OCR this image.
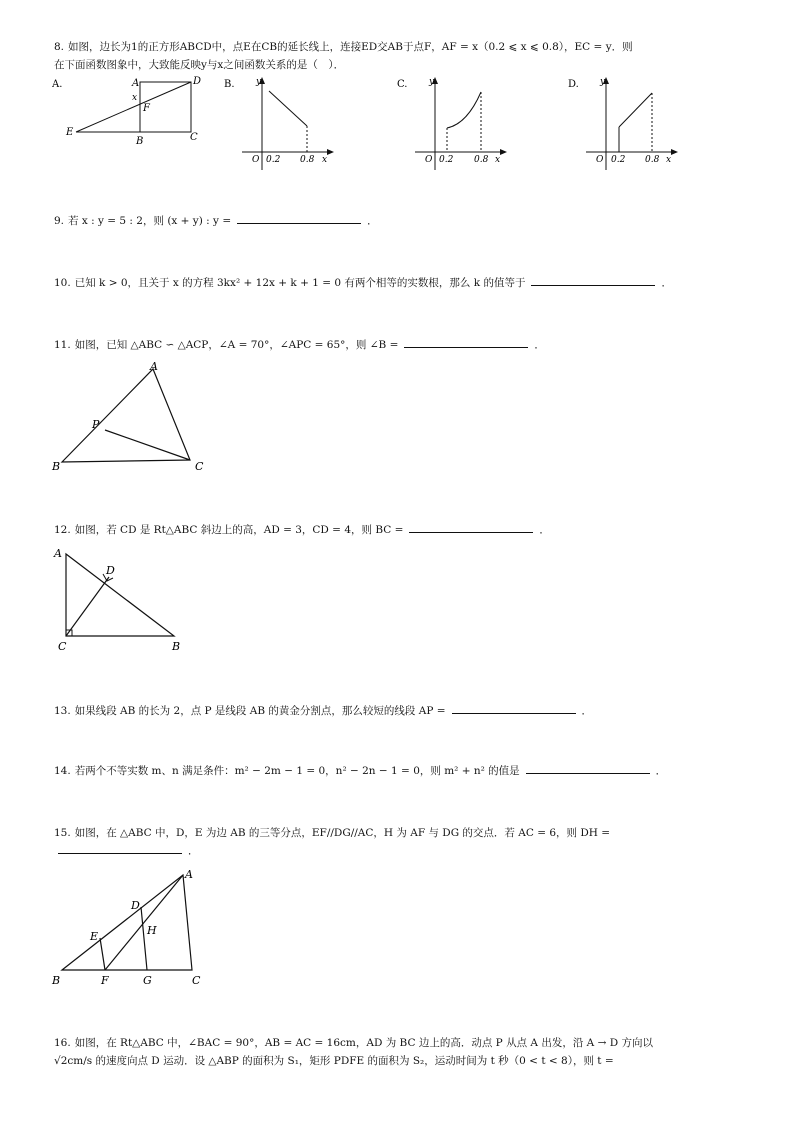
8. 如图，边长为1的正方形ABCD中，点E在CB的延长线上，连接ED交AB于点F，AF = x（0.2 ⩽ x ⩽ 0.8），EC = y．则
在下面函数图象中，大致能反映y与x之间函数关系的是（　）．
A.	A	D
x
F
E
B	C
B. y
O 0.2 0.8 x
C. y
O 0.2 0.8 x
D. y
O 0.2 0.8 x
9. 若 x : y = 5 : 2，则 (x + y) : y =	．
10. 已知 k > 0，且关于 x 的方程 3kx² + 12x + k + 1 = 0 有两个相等的实数根，那么 k 的值等于	．
11. 如图，已知 △ABC ∽ △ACP，∠A = 70°，∠APC = 65°，则 ∠B =	．
A
P
B	C
12. 如图，若 CD 是 Rt△ABC 斜边上的高，AD = 3，CD = 4，则 BC =	．
A
D
C	B
13. 如果线段 AB 的长为 2，点 P 是线段 AB 的黄金分割点，那么较短的线段 AP =	．
14. 若两个不等实数 m、n 满足条件：m² − 2m − 1 = 0，n² − 2n − 1 = 0，则 m² + n² 的值是	．
15. 如图，在 △ABC 中，D，E 为边 AB 的三等分点，EF//DG//AC，H 为 AF 与 DG 的交点．若 AC = 6，则 DH =
．
A
D
E	H
B	F	G	C
16. 如图，在 Rt△ABC 中，∠BAC = 90°，AB = AC = 16cm，AD 为 BC 边上的高．动点 P 从点 A 出发，沿 A → D 方向以
√2cm/s 的速度向点 D 运动．设 △ABP 的面积为 S₁，矩形 PDFE 的面积为 S₂，运动时间为 t 秒（0 < t < 8），则 t =
